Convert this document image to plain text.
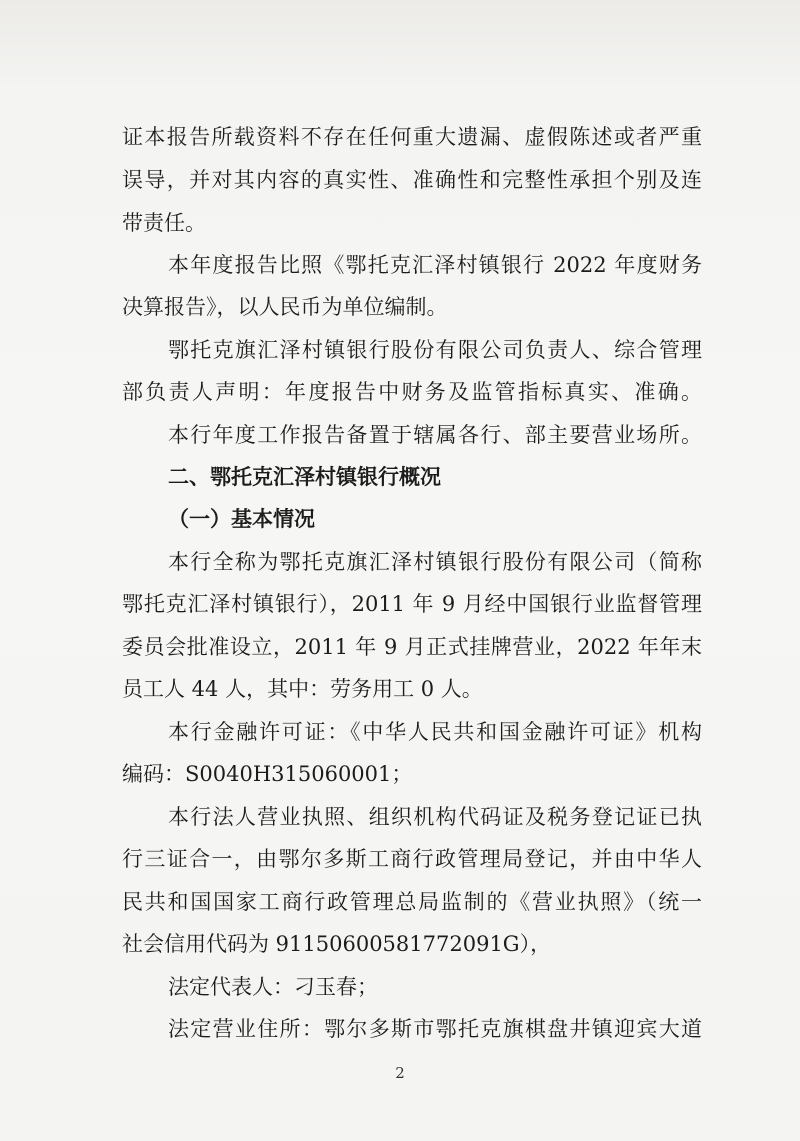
证本报告所载资料不存在任何重大遗漏、虚假陈述或者严重
误导，并对其内容的真实性、准确性和完整性承担个别及连
带责任。
本年度报告比照《鄂托克汇泽村镇银行 2022 年度财务
决算报告》，以人民币为单位编制。
鄂托克旗汇泽村镇银行股份有限公司负责人、综合管理
部负责人声明：年度报告中财务及监管指标真实、准确。
本行年度工作报告备置于辖属各行、部主要营业场所。
二、鄂托克汇泽村镇银行概况
（一）基本情况
本行全称为鄂托克旗汇泽村镇银行股份有限公司（简称
鄂托克汇泽村镇银行），2011 年 9 月经中国银行业监督管理
委员会批准设立，2011 年 9 月正式挂牌营业，2022 年年末
员工人 44 人，其中：劳务用工 0 人。
本行金融许可证：《中华人民共和国金融许可证》机构
编码：S0040H315060001；
本行法人营业执照、组织机构代码证及税务登记证已执
行三证合一，由鄂尔多斯工商行政管理局登记，并由中华人
民共和国国家工商行政管理总局监制的《营业执照》（统一
社会信用代码为 91150600581772091G），
法定代表人：刁玉春；
法定营业住所：鄂尔多斯市鄂托克旗棋盘井镇迎宾大道
2
